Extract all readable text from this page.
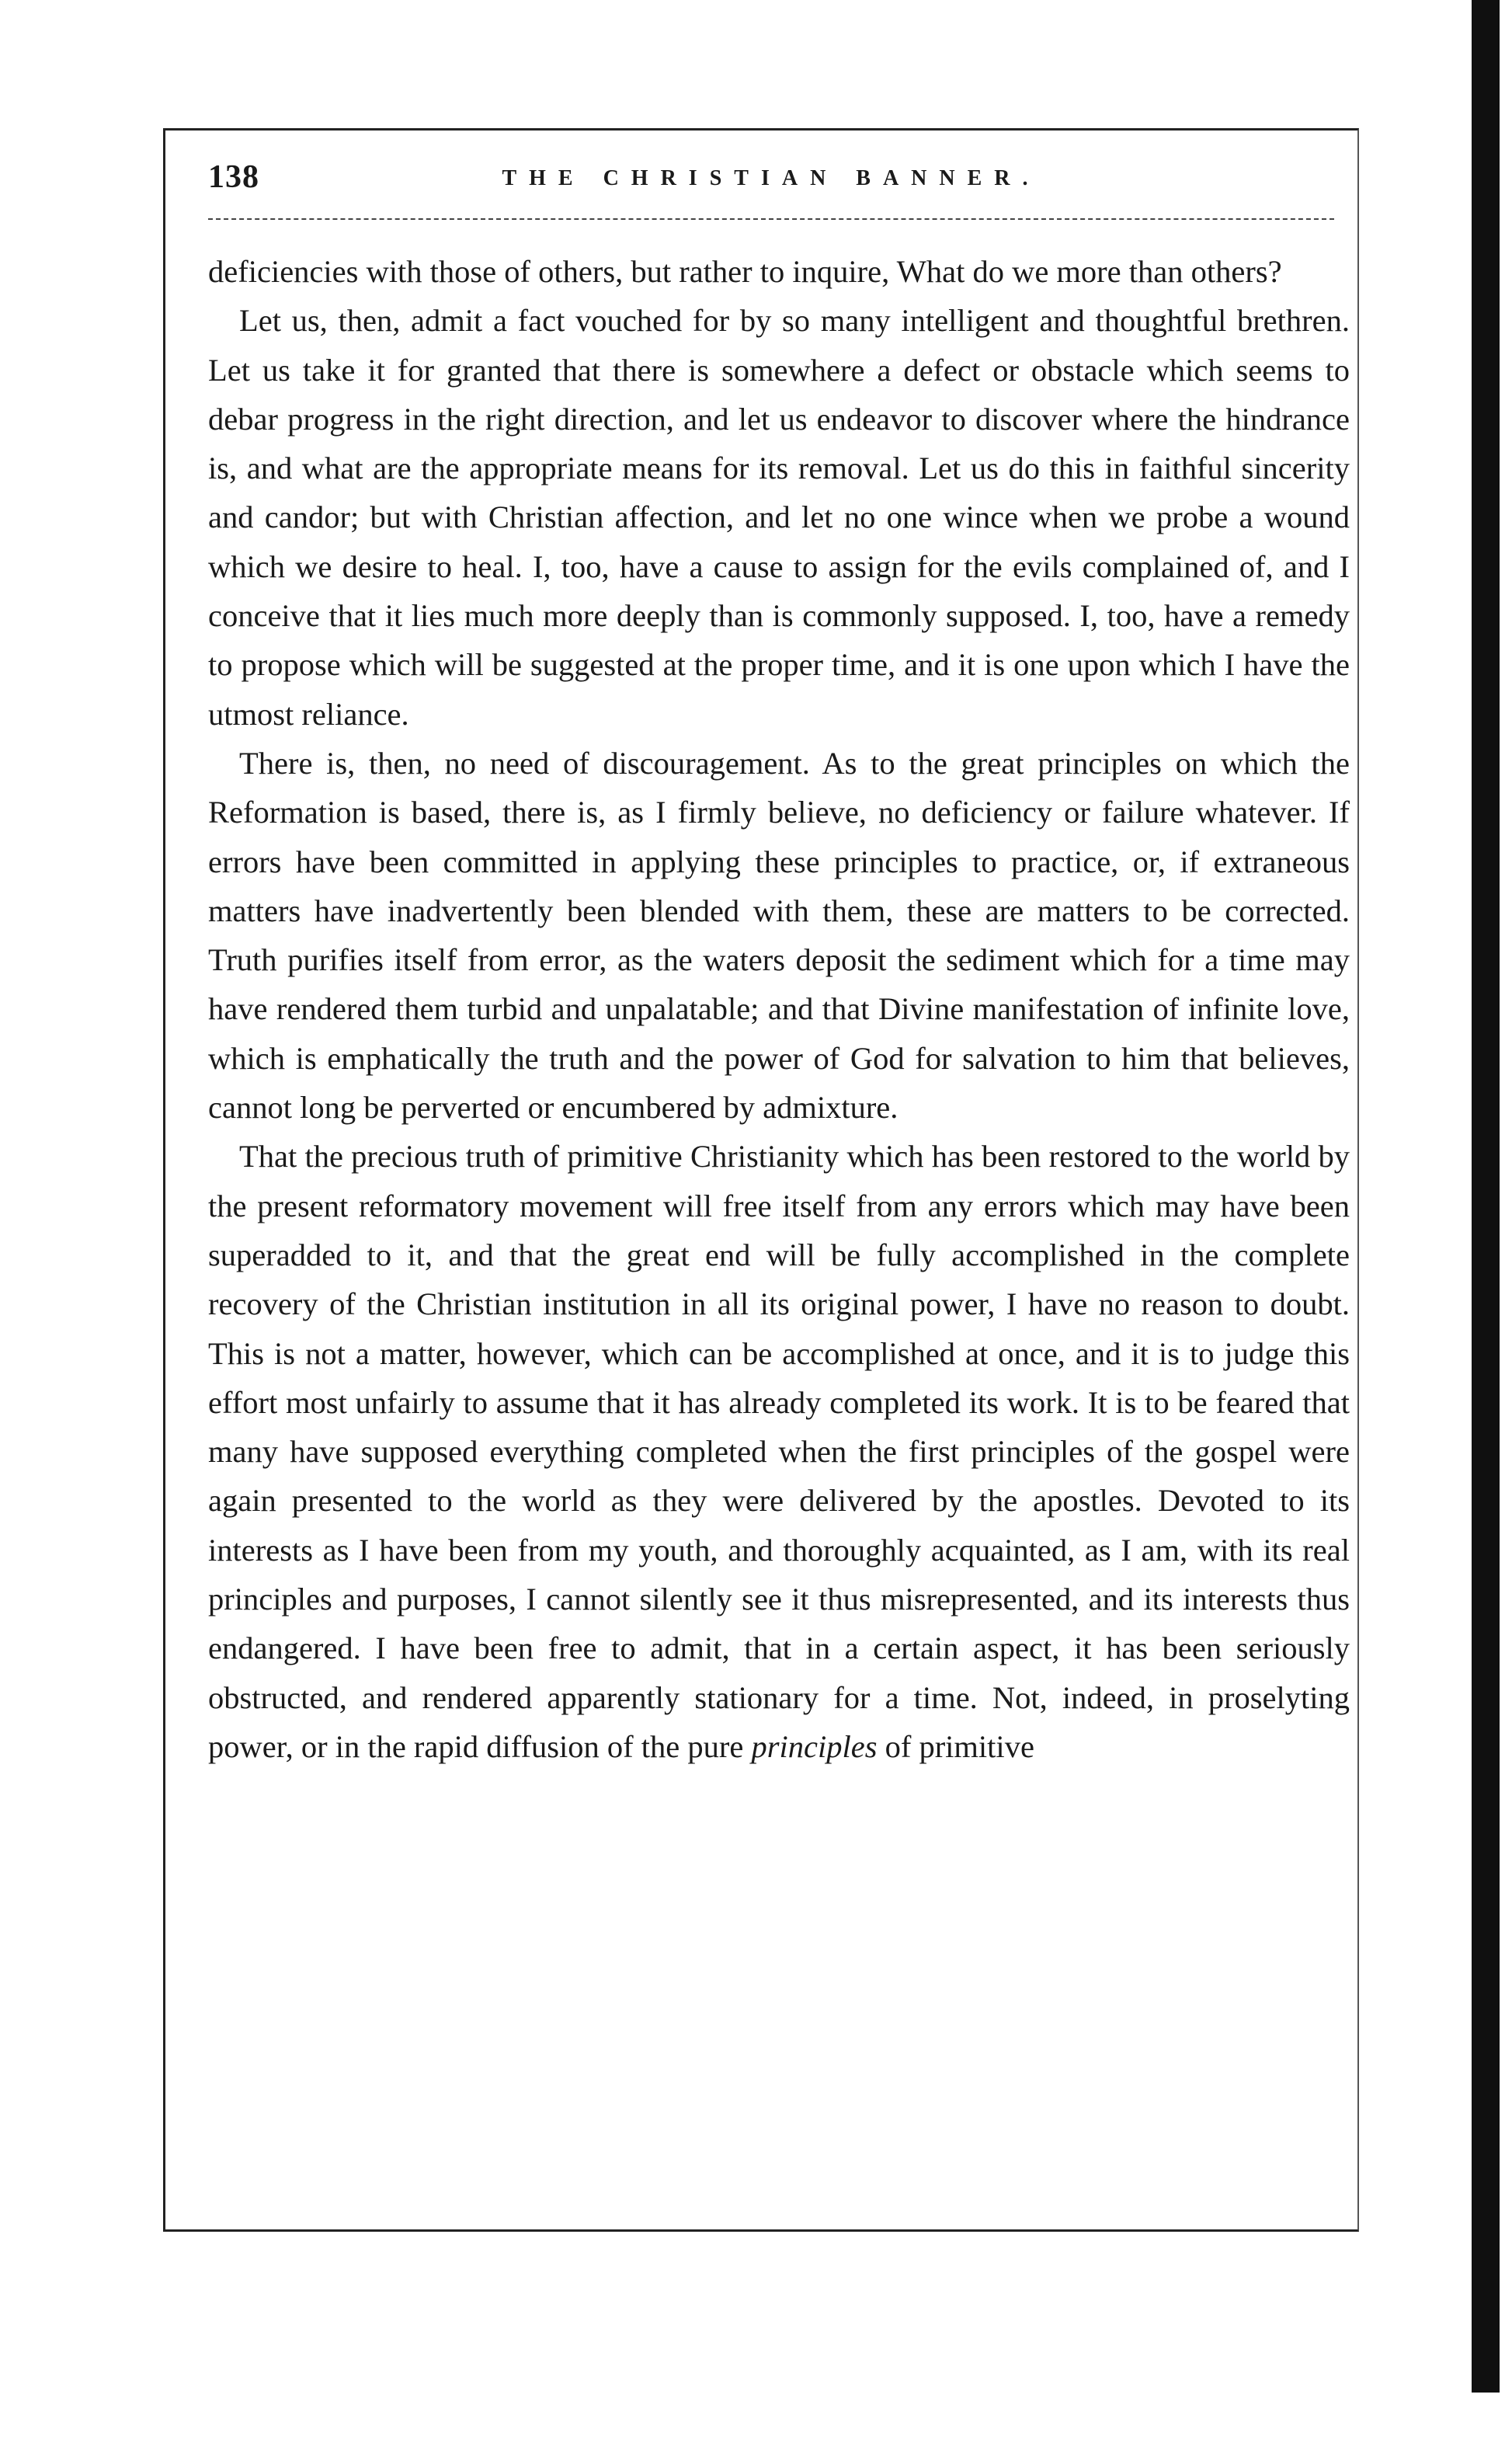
138	THE CHRISTIAN BANNER.

deficiencies with those of others, but rather to inquire, What do we more than others?

Let us, then, admit a fact vouched for by so many intelligent and thoughtful brethren. Let us take it for granted that there is somewhere a defect or obstacle which seems to debar progress in the right direction, and let us endeavor to discover where the hindrance is, and what are the appropriate means for its removal. Let us do this in faithful sincerity and candor; but with Christian affection, and let no one wince when we probe a wound which we desire to heal. I, too, have a cause to assign for the evils complained of, and I conceive that it lies much more deeply than is commonly supposed. I, too, have a remedy to propose which will be suggested at the proper time, and it is one upon which I have the utmost reliance.

There is, then, no need of discouragement. As to the great principles on which the Reformation is based, there is, as I firmly believe, no deficiency or failure whatever. If errors have been committed in applying these principles to practice, or, if extraneous matters have inadvertently been blended with them, these are matters to be corrected. Truth purifies itself from error, as the waters deposit the sediment which for a time may have rendered them turbid and unpalatable; and that Divine manifestation of infinite love, which is emphatically the truth and the power of God for salvation to him that believes, cannot long be perverted or encumbered by admixture.

That the precious truth of primitive Christianity which has been restored to the world by the present reformatory movement will free itself from any errors which may have been superadded to it, and that the great end will be fully accomplished in the complete recovery of the Christian institution in all its original power, I have no reason to doubt. This is not a matter, however, which can be accomplished at once, and it is to judge this effort most unfairly to assume that it has already completed its work. It is to be feared that many have supposed everything completed when the first principles of the gospel were again presented to the world as they were delivered by the apostles. Devoted to its interests as I have been from my youth, and thoroughly acquainted, as I am, with its real principles and purposes, I cannot silently see it thus misrepresented, and its interests thus endangered. I have been free to admit, that in a certain aspect, it has been seriously obstructed, and rendered apparently stationary for a time. Not, indeed, in proselyting power, or in the rapid diffusion of the pure principles of primitive
